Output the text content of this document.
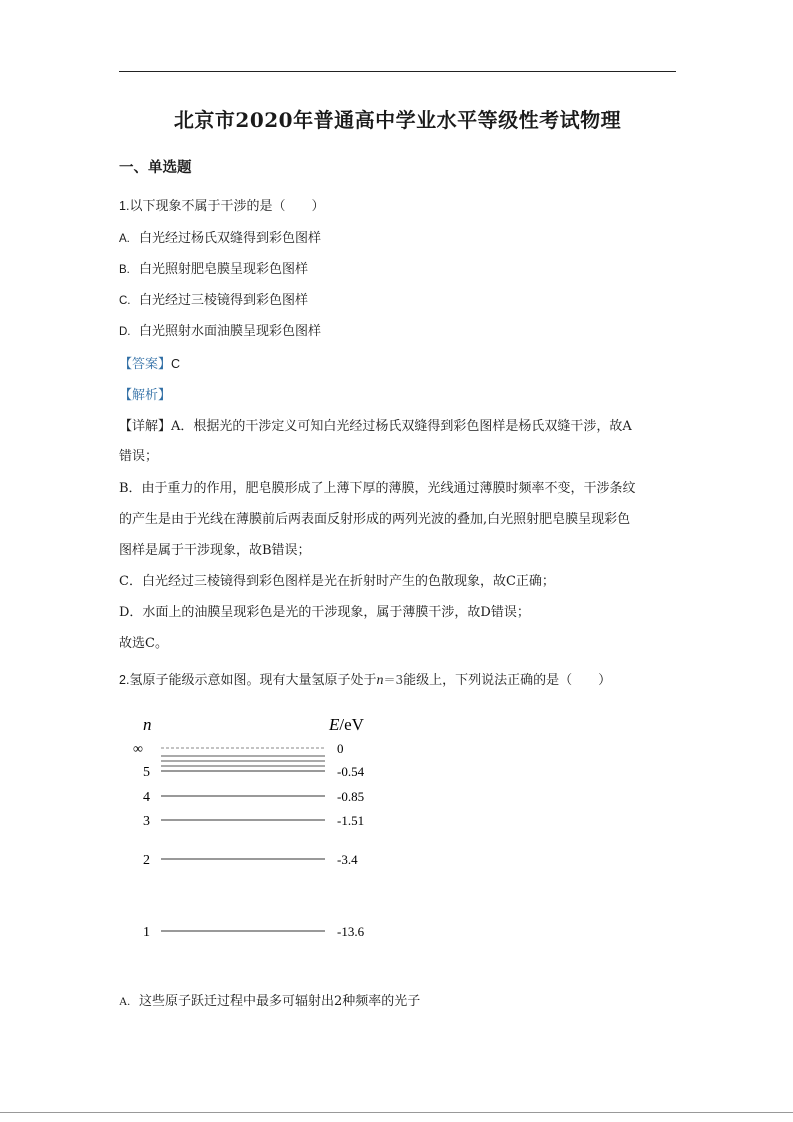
北京市2020年普通高中学业水平等级性考试物理
一、单选题
1.以下现象不属于干涉的是（　　）
A. 白光经过杨氏双缝得到彩色图样
B. 白光照射肥皂膜呈现彩色图样
C. 白光经过三棱镜得到彩色图样
D. 白光照射水面油膜呈现彩色图样
【答案】C
【解析】
【详解】A．根据光的干涉定义可知白光经过杨氏双缝得到彩色图样是杨氏双缝干涉，故A
错误；
B．由于重力的作用，肥皂膜形成了上薄下厚的薄膜，光线通过薄膜时频率不变，干涉条纹
的产生是由于光线在薄膜前后两表面反射形成的两列光波的叠加,白光照射肥皂膜呈现彩色
图样是属于干涉现象，故B错误；
C．白光经过三棱镜得到彩色图样是光在折射时产生的色散现象，故C正确；
D．水面上的油膜呈现彩色是光的干涉现象，属于薄膜干涉，故D错误；
故选C。
2.氢原子能级示意如图。现有大量氢原子处于n＝3能级上，下列说法正确的是（　　）
n	E/eV
∞	0
5	-0.54
4	-0.85
3	-1.51
2	-3.4
1	-13.6
A. 这些原子跃迁过程中最多可辐射出2种频率的光子
